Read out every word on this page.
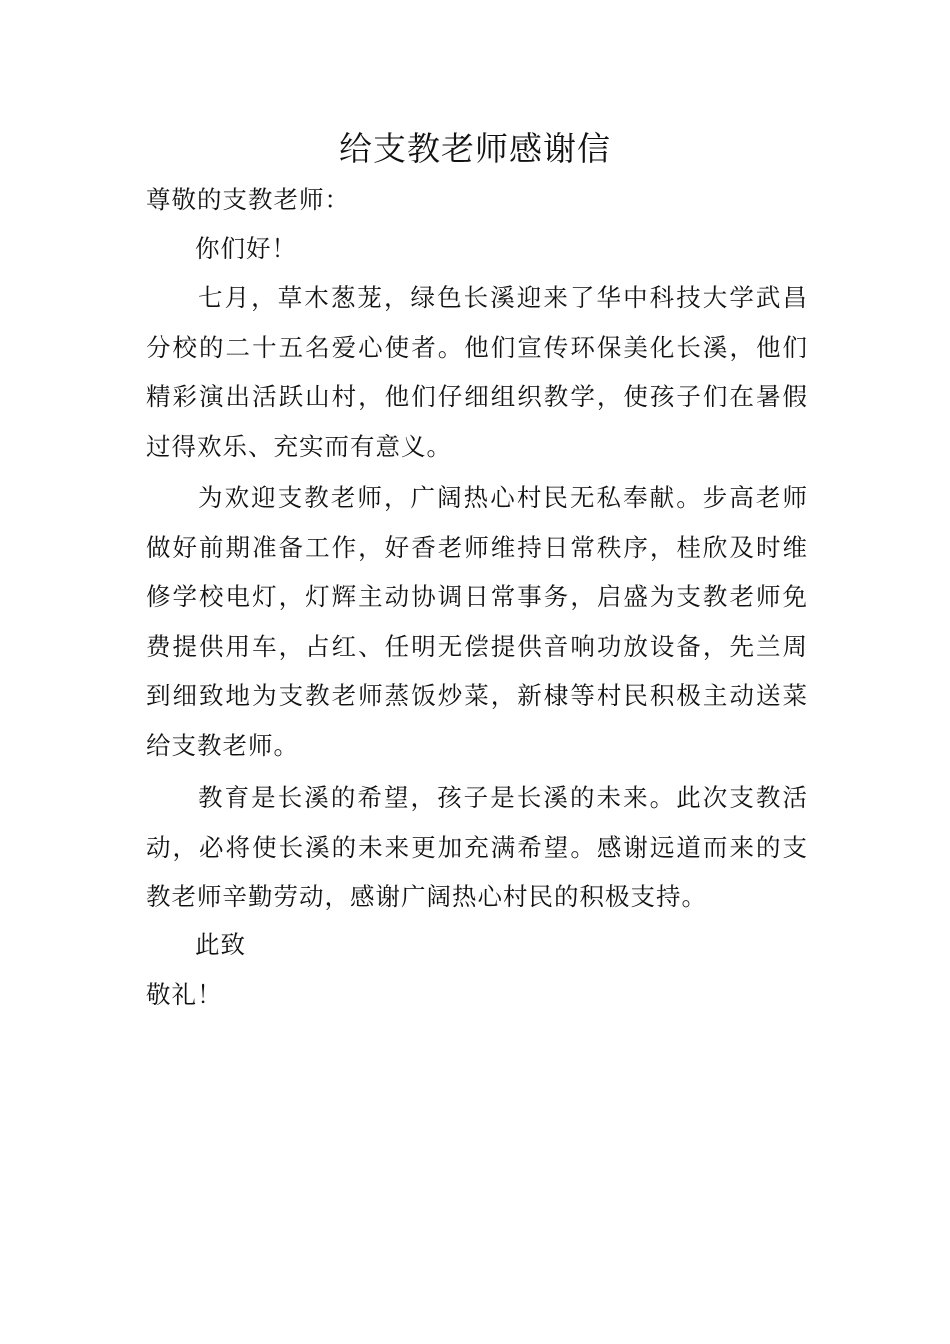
给支教老师感谢信

尊敬的支教老师：

你们好！

七月，草木葱茏，绿色长溪迎来了华中科技大学武昌分校的二十五名爱心使者。他们宣传环保美化长溪，他们精彩演出活跃山村，他们仔细组织教学，使孩子们在暑假过得欢乐、充实而有意义。

为欢迎支教老师，广阔热心村民无私奉献。步高老师做好前期准备工作，好香老师维持日常秩序，桂欣及时维修学校电灯，灯辉主动协调日常事务，启盛为支教老师免费提供用车，占红、任明无偿提供音响功放设备，先兰周到细致地为支教老师蒸饭炒菜，新棣等村民积极主动送菜给支教老师。

教育是长溪的希望，孩子是长溪的未来。此次支教活动，必将使长溪的未来更加充满希望。感谢远道而来的支教老师辛勤劳动，感谢广阔热心村民的积极支持。

此致

敬礼！
